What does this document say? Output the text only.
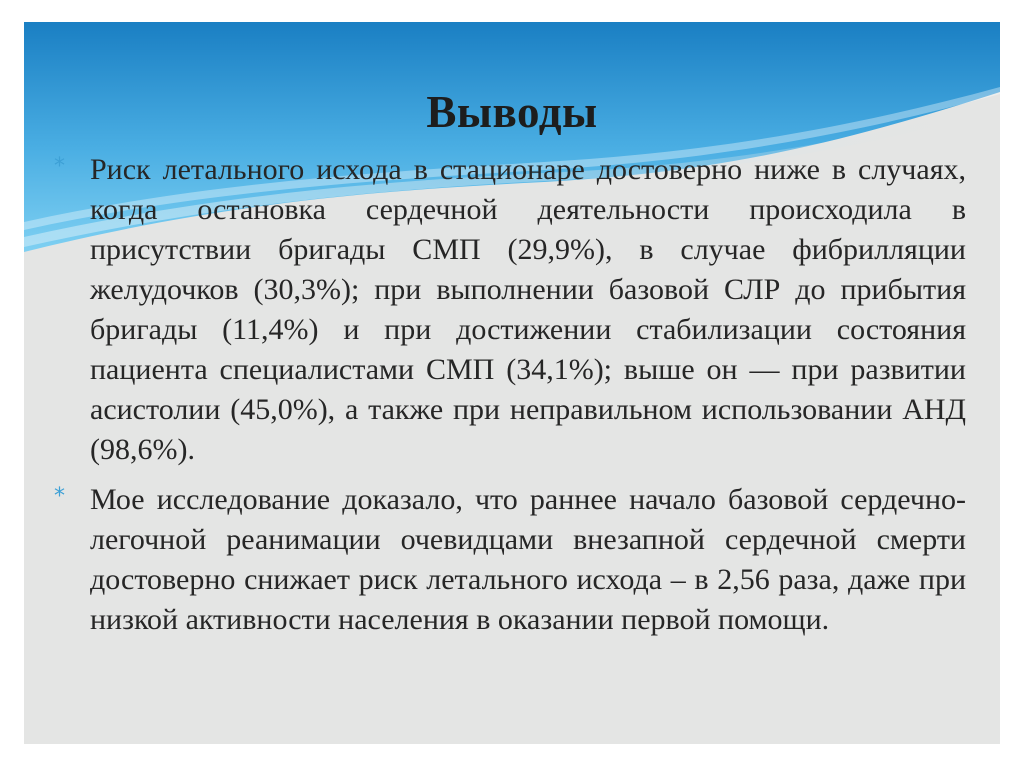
Выводы
* Риск летального исхода в стационаре достоверно ниже в случаях, когда остановка сердечной деятельности происходила в присутствии бригады СМП (29,9%), в случае фибрилляции желудочков (30,3%); при выполнении базовой СЛР до прибытия бригады (11,4%) и при достижении стабилизации состояния пациента специалистами СМП (34,1%); выше он — при развитии асистолии (45,0%), а также при неправильном использовании АНД (98,6%).
* Мое исследование доказало, что раннее начало базовой сердечно-легочной реанимации очевидцами внезапной сердечной смерти достоверно снижает риск летального исхода – в 2,56 раза, даже при низкой активности населения в оказании первой помощи.
